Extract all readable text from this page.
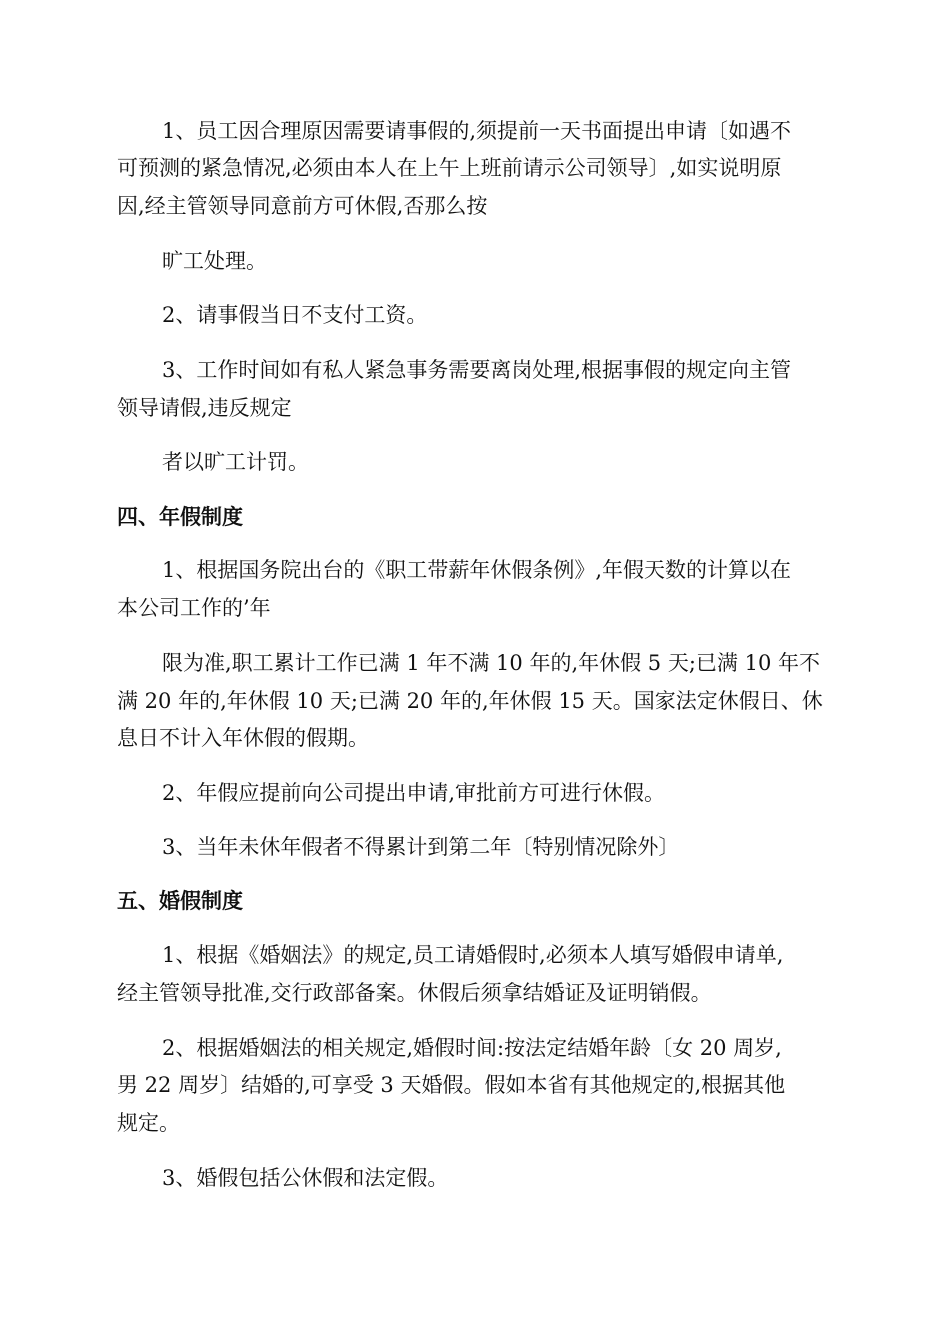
1、员工因合理原因需要请事假的,须提前一天书面提出申请〔如遇不
可预测的紧急情况,必须由本人在上午上班前请示公司领导〕,如实说明原
因,经主管领导同意前方可休假,否那么按
旷工处理。
2、请事假当日不支付工资。
3、工作时间如有私人紧急事务需要离岗处理,根据事假的规定向主管
领导请假,违反规定
者以旷工计罚。
四、年假制度
1、根据国务院出台的《职工带薪年休假条例》,年假天数的计算以在
本公司工作的’年
限为准,职工累计工作已满 1 年不满 10 年的,年休假 5 天;已满 10 年不
满 20 年的,年休假 10 天;已满 20 年的,年休假 15 天。国家法定休假日、休
息日不计入年休假的假期。
2、年假应提前向公司提出申请,审批前方可进行休假。
3、当年未休年假者不得累计到第二年〔特别情况除外〕
五、婚假制度
1、根据《婚姻法》的规定,员工请婚假时,必须本人填写婚假申请单,
经主管领导批准,交行政部备案。休假后须拿结婚证及证明销假。
2、根据婚姻法的相关规定,婚假时间:按法定结婚年龄〔女 20 周岁,
男 22 周岁〕结婚的,可享受 3 天婚假。假如本省有其他规定的,根据其他
规定。
3、婚假包括公休假和法定假。
